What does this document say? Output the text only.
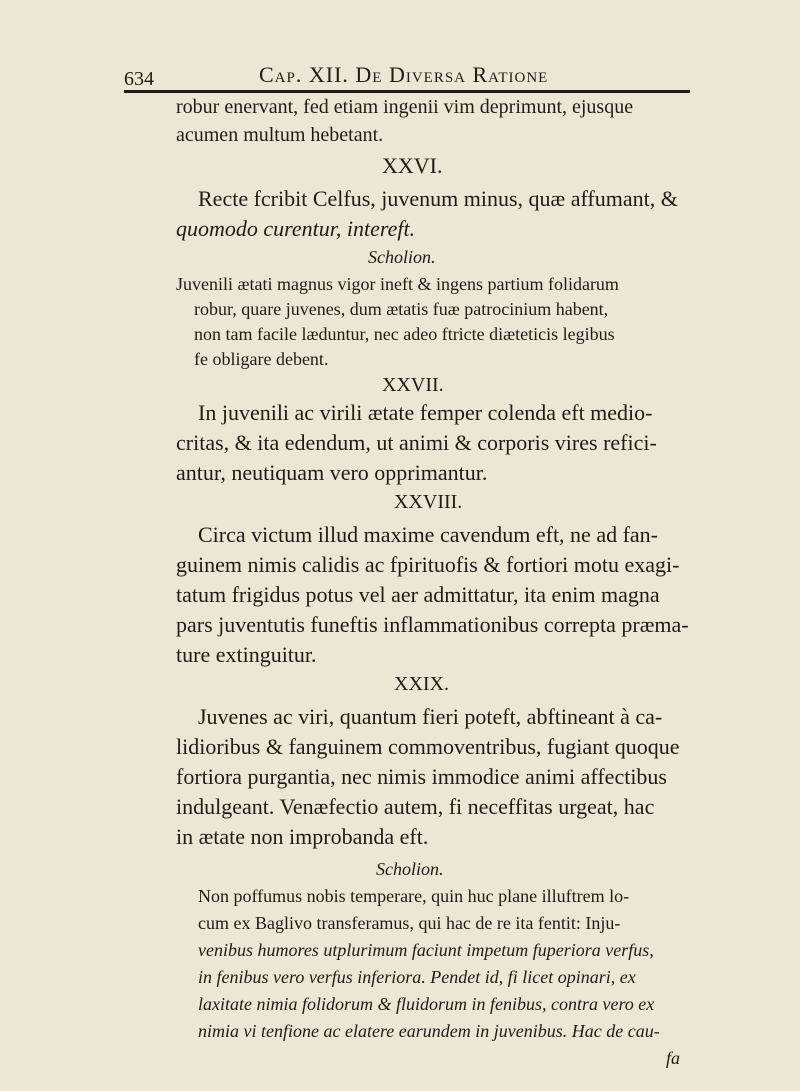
634	Cap. XII. De Diversa Ratione
robur enervant, fed etiam ingenii vim deprimunt, ejusque
acumen multum hebetant.
XXVI.
Recte fcribit Celfus, juvenum minus, quæ affumant, &
quomodo curentur, intereft.
Scholion.
Juvenili ætati magnus vigor ineft & ingens partium folidarum
robur, quare juvenes, dum ætatis fuæ patrocinium habent,
non tam facile læduntur, nec adeo ftricte diæteticis legibus
fe obligare debent.
XXVII.
In juvenili ac virili ætate femper colenda eft medio-
critas, & ita edendum, ut animi & corporis vires refici-
antur, neutiquam vero opprimantur.
XXVIII.
Circa victum illud maxime cavendum eft, ne ad fan-
guinem nimis calidis ac fpirituofis & fortiori motu exagi-
tatum frigidus potus vel aer admittatur, ita enim magna
pars juventutis funeftis inflammationibus correpta præma-
ture extinguitur.
XXIX.
Juvenes ac viri, quantum fieri poteft, abftineant à ca-
lidioribus & fanguinem commoventribus, fugiant quoque
fortiora purgantia, nec nimis immodice animi affectibus
indulgeant. Venæfectio autem, fi neceffitas urgeat, hac
in ætate non improbanda eft.
Scholion.
Non poffumus nobis temperare, quin huc plane illuftrem lo-
cum ex Baglivo transferamus, qui hac de re ita fentit: Inju-
venibus humores utplurimum faciunt impetum fuperiora verfus,
in fenibus vero verfus inferiora. Pendet id, fi licet opinari, ex
laxitate nimia folidorum & fluidorum in fenibus, contra vero ex
nimia vi tenfione ac elatere earundem in juvenibus. Hac de cau-
fa
